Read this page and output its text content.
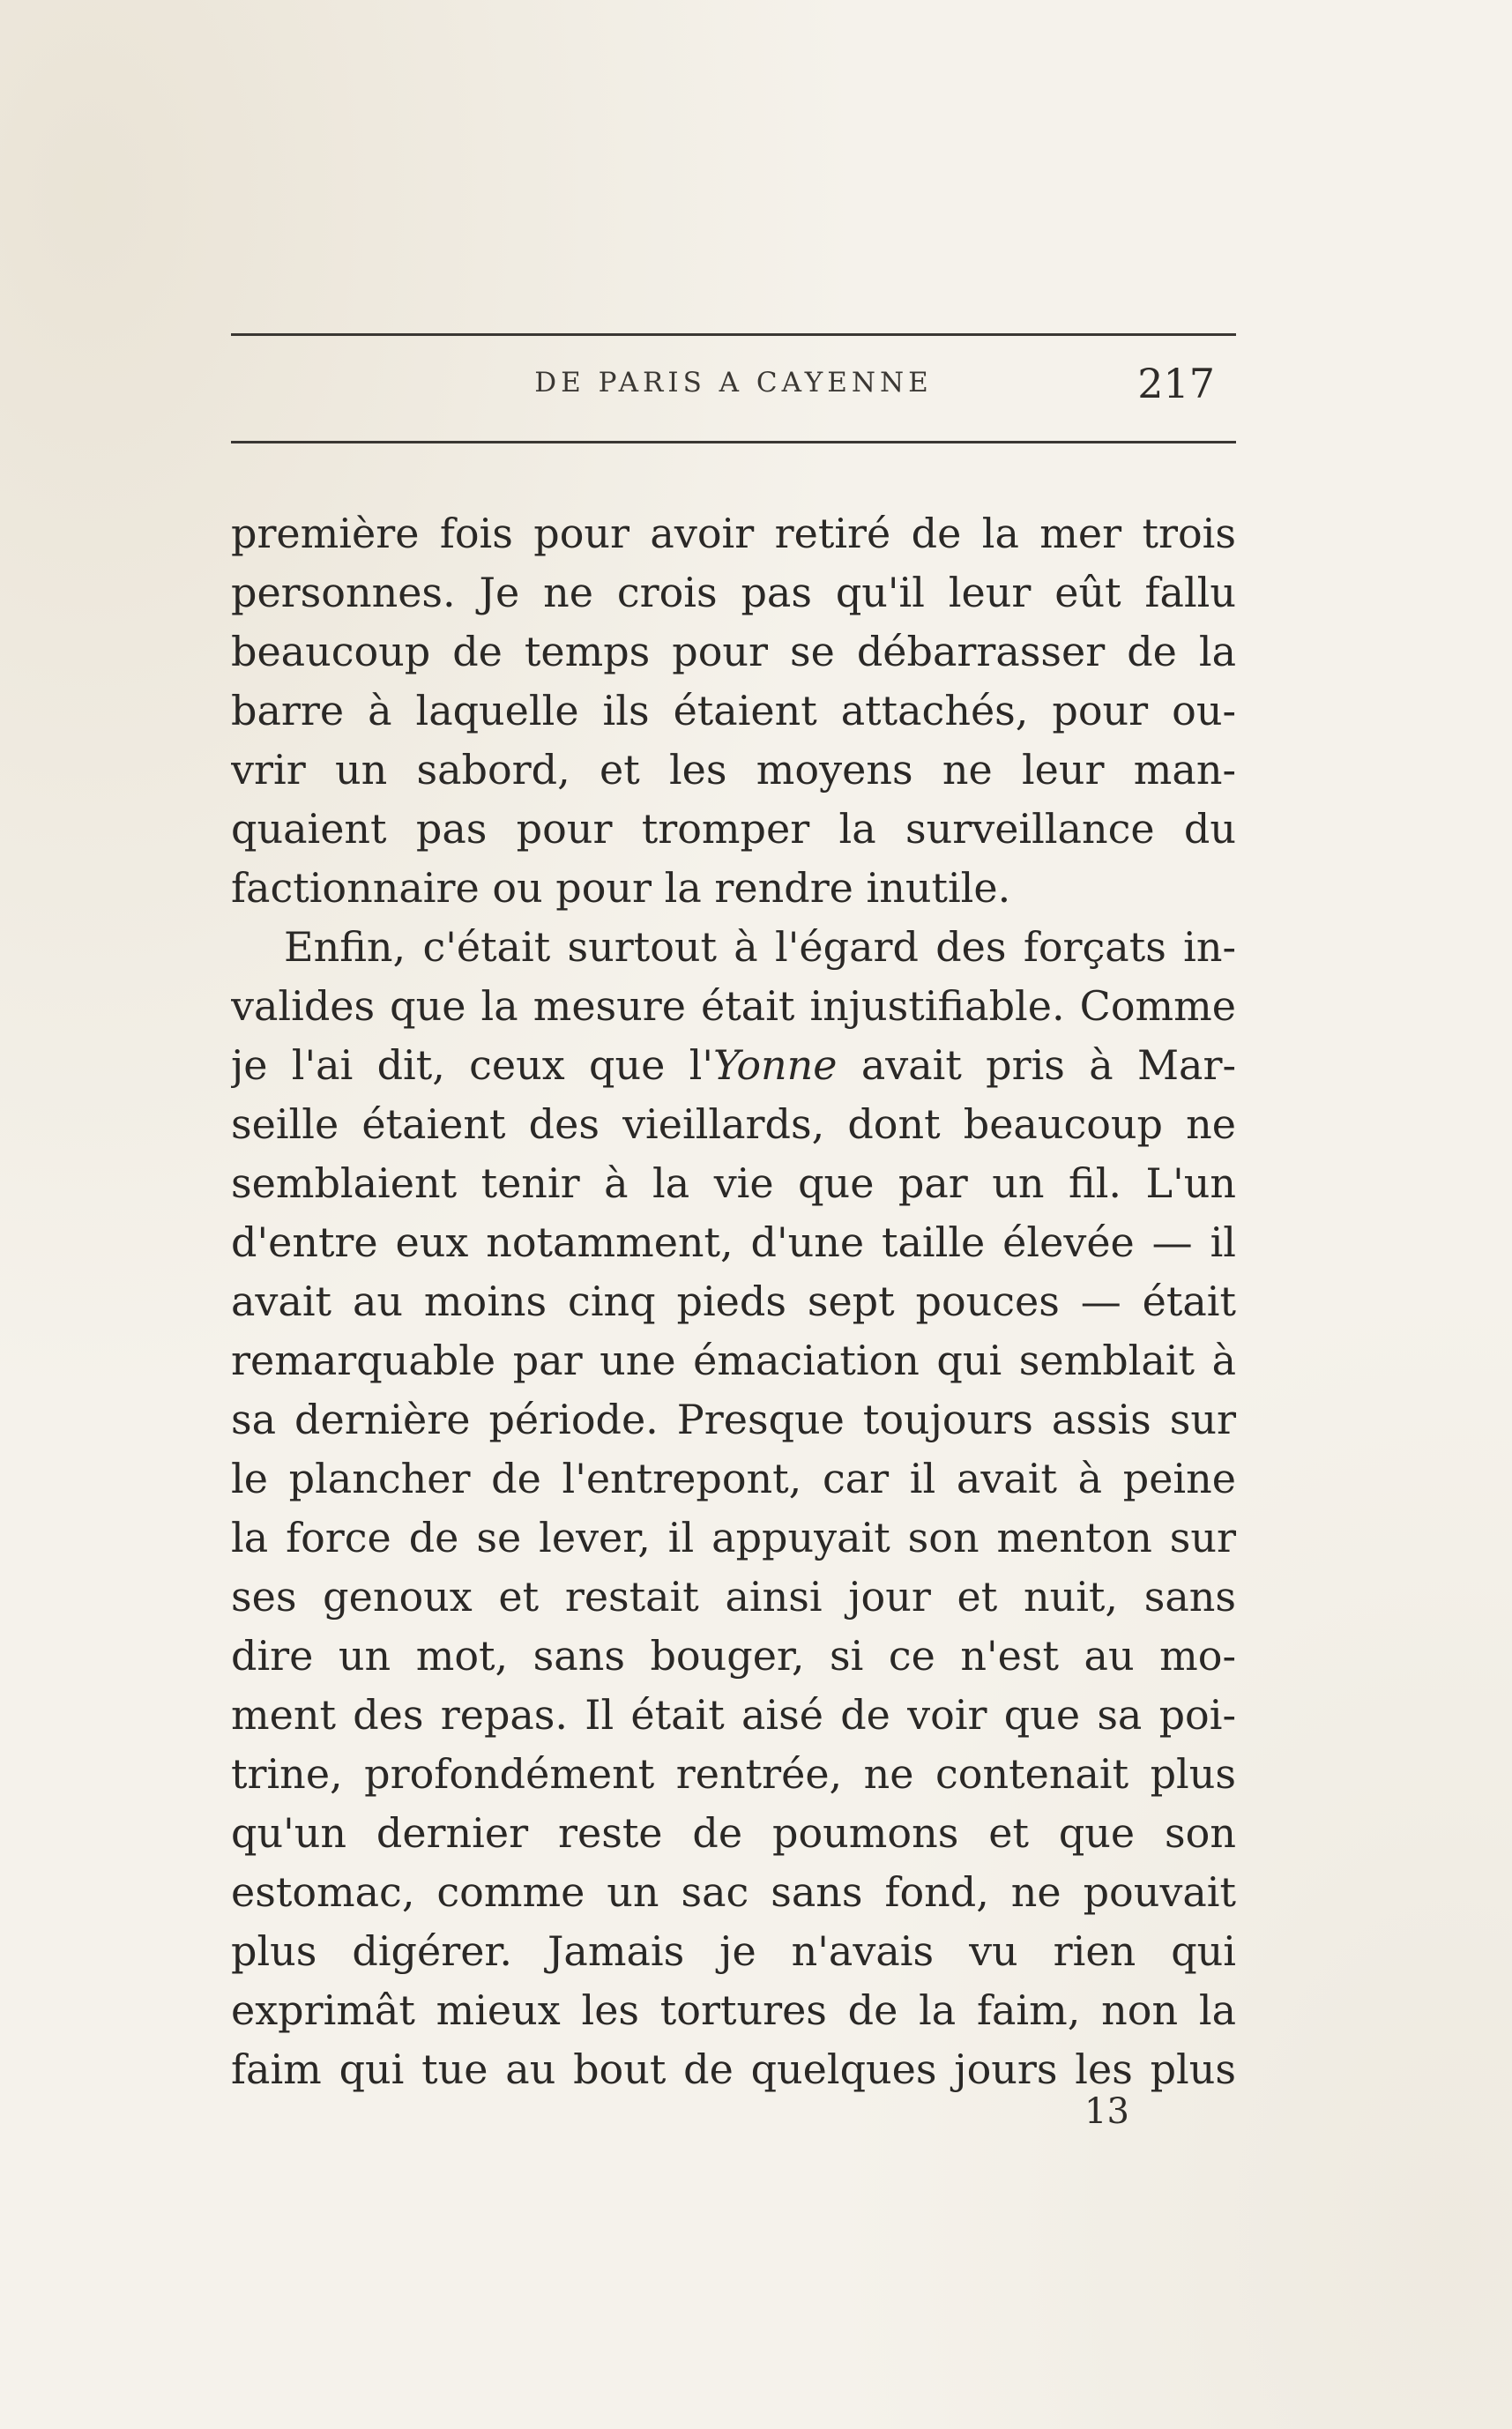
DE PARIS A CAYENNE	217
première fois pour avoir retiré de la mer trois
personnes. Je ne crois pas qu'il leur eût fallu
beaucoup de temps pour se débarrasser de la
barre à laquelle ils étaient attachés, pour ou-
vrir un sabord, et les moyens ne leur man-
quaient pas pour tromper la surveillance du
factionnaire ou pour la rendre inutile.
Enfin, c'était surtout à l'égard des forçats in-
valides que la mesure était injustifiable. Comme
je l'ai dit, ceux que l'Yonne avait pris à Mar-
seille étaient des vieillards, dont beaucoup ne
semblaient tenir à la vie que par un fil. L'un
d'entre eux notamment, d'une taille élevée — il
avait au moins cinq pieds sept pouces — était
remarquable par une émaciation qui semblait à
sa dernière période. Presque toujours assis sur
le plancher de l'entrepont, car il avait à peine
la force de se lever, il appuyait son menton sur
ses genoux et restait ainsi jour et nuit, sans
dire un mot, sans bouger, si ce n'est au mo-
ment des repas. Il était aisé de voir que sa poi-
trine, profondément rentrée, ne contenait plus
qu'un dernier reste de poumons et que son
estomac, comme un sac sans fond, ne pouvait
plus digérer. Jamais je n'avais vu rien qui
exprimât mieux les tortures de la faim, non la
faim qui tue au bout de quelques jours les plus
13
